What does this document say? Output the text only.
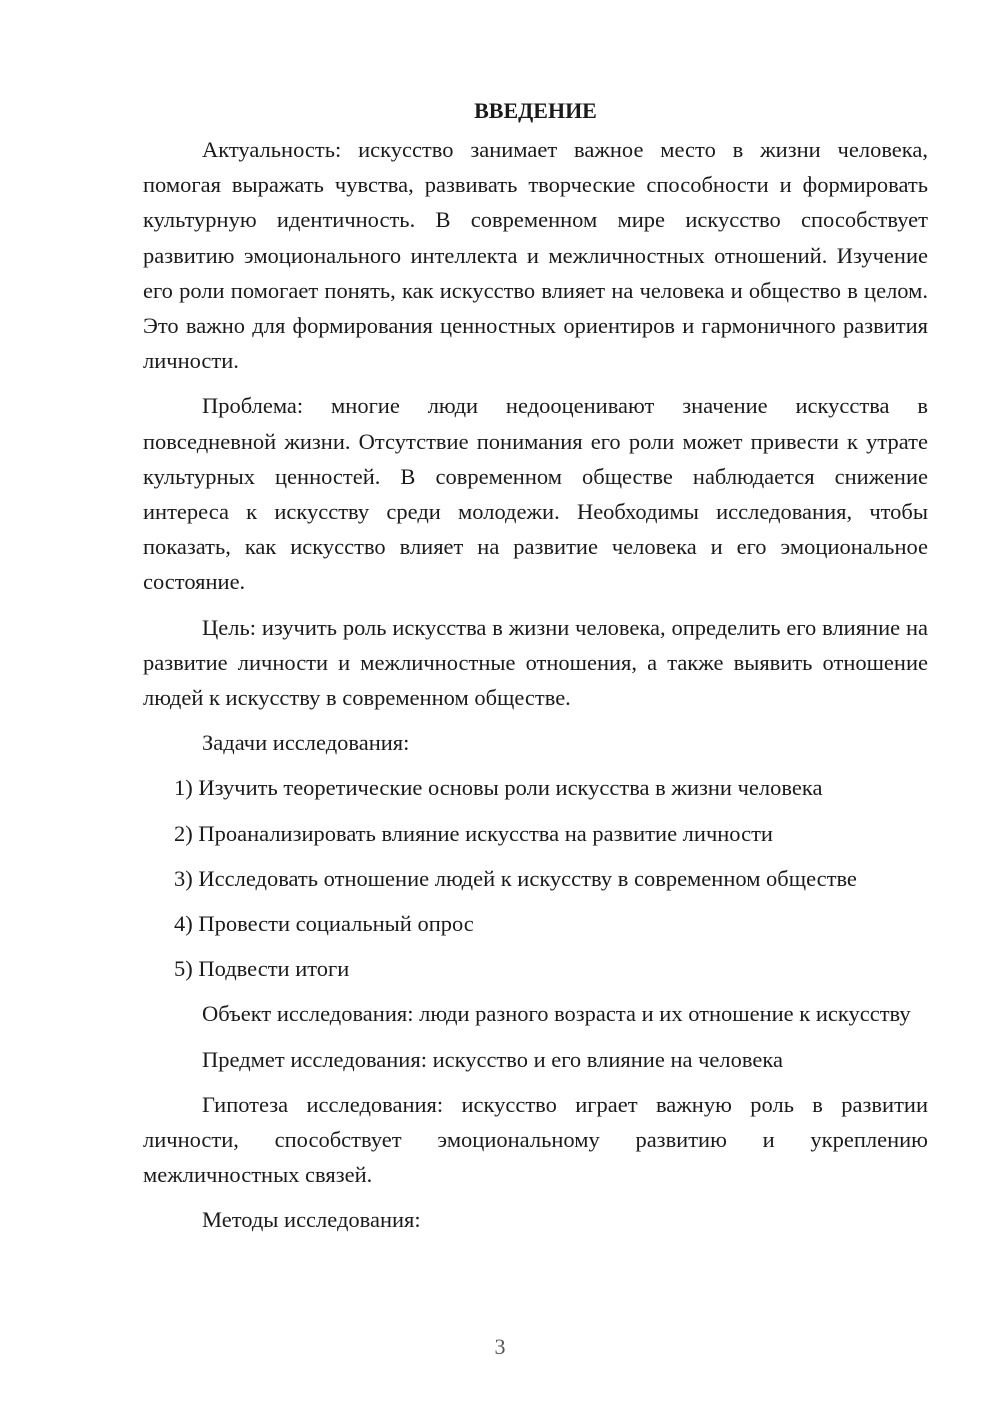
ВВЕДЕНИЕ

Актуальность: искусство занимает важное место в жизни человека, помогая выражать чувства, развивать творческие способности и формировать культурную идентичность. В современном мире искусство способствует развитию эмоционального интеллекта и межличностных отношений. Изучение его роли помогает понять, как искусство влияет на человека и общество в целом. Это важно для формирования ценностных ориентиров и гармоничного развития личности.

Проблема: многие люди недооценивают значение искусства в повседневной жизни. Отсутствие понимания его роли может привести к утрате культурных ценностей. В современном обществе наблюдается снижение интереса к искусству среди молодежи. Необходимы исследования, чтобы показать, как искусство влияет на развитие человека и его эмоциональное состояние.

Цель: изучить роль искусства в жизни человека, определить его влияние на развитие личности и межличностные отношения, а также выявить отношение людей к искусству в современном обществе.

Задачи исследования:

1) Изучить теоретические основы роли искусства в жизни человека
2) Проанализировать влияние искусства на развитие личности
3) Исследовать отношение людей к искусству в современном обществе
4) Провести социальный опрос
5) Подвести итоги

Объект исследования: люди разного возраста и их отношение к искусству

Предмет исследования: искусство и его влияние на человека

Гипотеза исследования: искусство играет важную роль в развитии личности, способствует эмоциональному развитию и укреплению межличностных связей.

Методы исследования:

3
